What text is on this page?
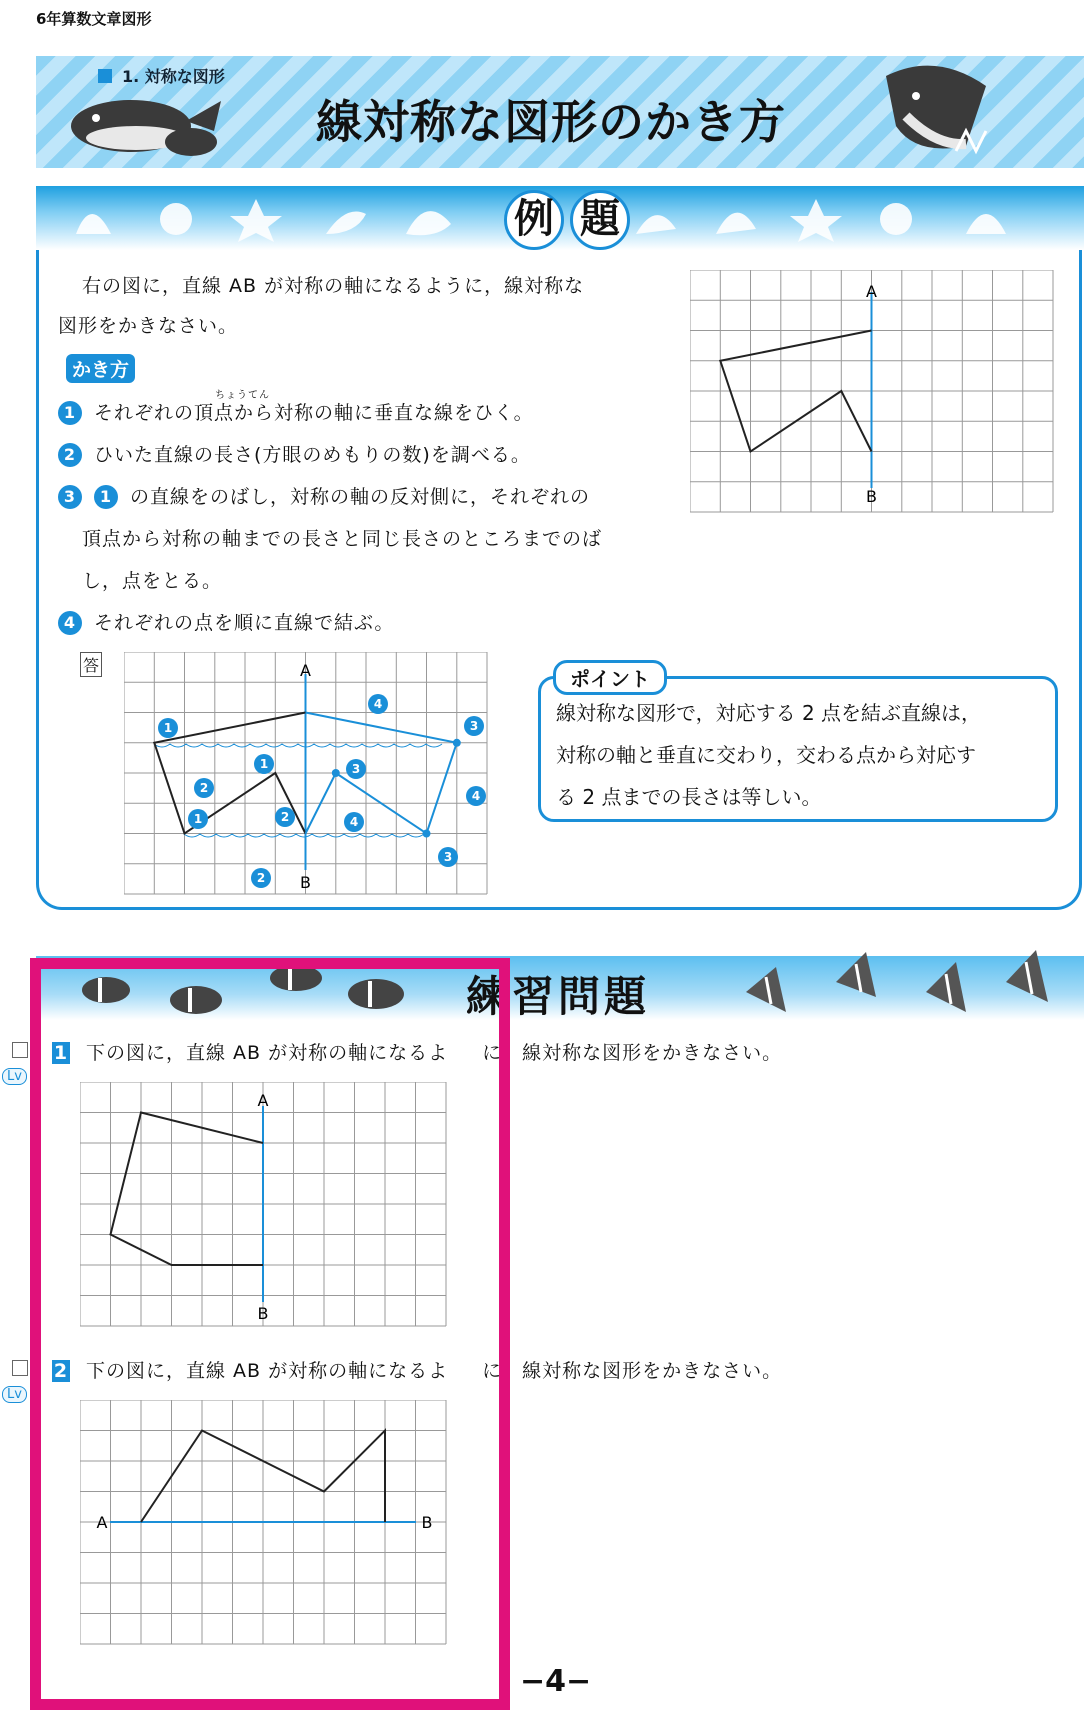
6年算数文章図形
1. 対称な図形
線対称な図形のかき方
例 題
右の図に，直線 AB が対称の軸になるように，線対称な
図形をかきなさい。
かき方
ちょうてん
1 それぞれの頂点から対称の軸に垂直な線をひく。
2 ひいた直線の長さ(方眼のめもりの数)を調べる。
3 1 の直線をのばし，対称の軸の反対側に，それぞれの
頂点から対称の軸までの長さと同じ長さのところまでのば
し，点をとる。
4 それぞれの点を順に直線で結ぶ。
A
B
答	A
B
1
2
1
1
2
3
4
4
3
4
3
2
ポイント
線対称な図形で，対応する 2 点を結ぶ直線は，
対称の軸と垂直に交わり，交わる点から対応す
る 2 点までの長さは等しい。
練習問題
Lv
1 下の図に，直線 AB が対称の軸になるよ に，線対称な図形をかきなさい。
A
B
Lv
2 下の図に，直線 AB が対称の軸になるよ に，線対称な図形をかきなさい。
A	B
−4−
